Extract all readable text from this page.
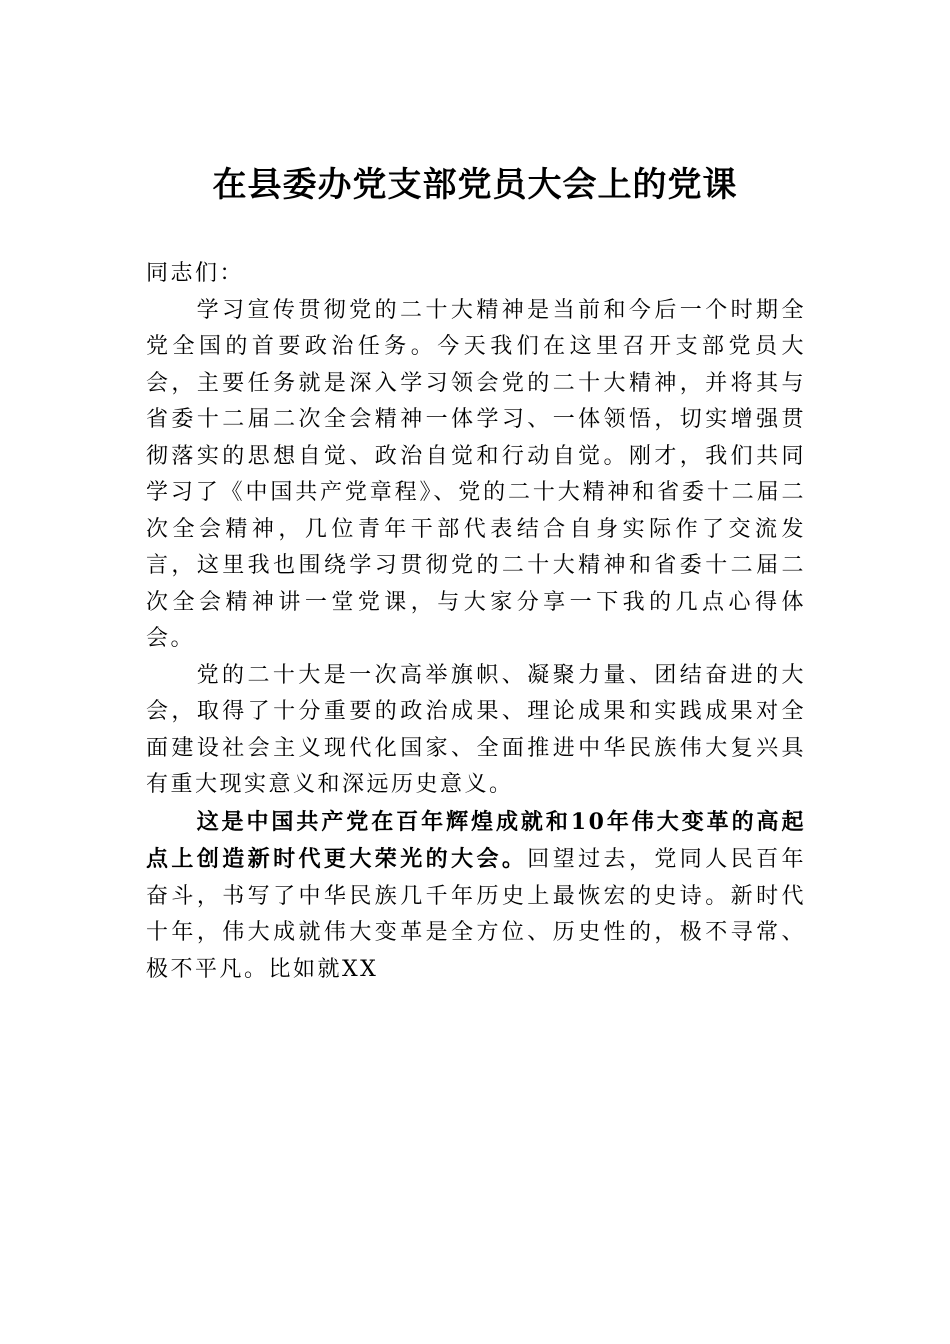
在县委办党支部党员大会上的党课

同志们：

学习宣传贯彻党的二十大精神是当前和今后一个时期全党全国的首要政治任务。今天我们在这里召开支部党员大会，主要任务就是深入学习领会党的二十大精神，并将其与省委十二届二次全会精神一体学习、一体领悟，切实增强贯彻落实的思想自觉、政治自觉和行动自觉。刚才，我们共同学习了《中国共产党章程》、党的二十大精神和省委十二届二次全会精神，几位青年干部代表结合自身实际作了交流发言，这里我也围绕学习贯彻党的二十大精神和省委十二届二次全会精神讲一堂党课，与大家分享一下我的几点心得体会。

党的二十大是一次高举旗帜、凝聚力量、团结奋进的大会，取得了十分重要的政治成果、理论成果和实践成果对全面建设社会主义现代化国家、全面推进中华民族伟大复兴具有重大现实意义和深远历史意义。

这是中国共产党在百年辉煌成就和10年伟大变革的高起点上创造新时代更大荣光的大会。回望过去，党同人民百年奋斗，书写了中华民族几千年历史上最恢宏的史诗。新时代十年，伟大成就伟大变革是全方位、历史性的，极不寻常、极不平凡。比如就XX
